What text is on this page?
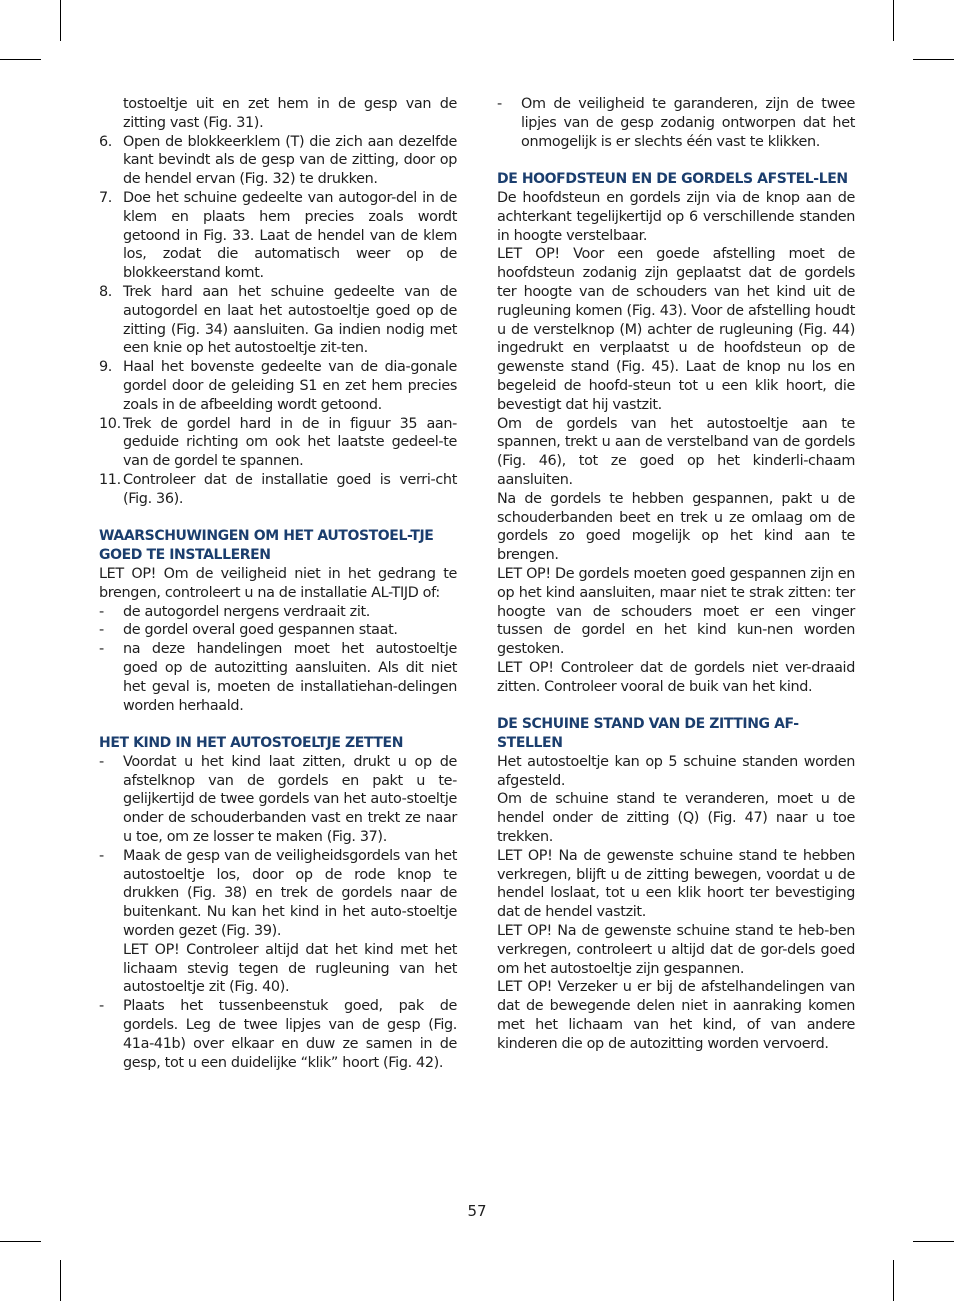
tostoeltje uit en zet hem in de gesp van de zitting vast (Fig. 31).

6. Open de blokkeerklem (T) die zich aan dezelfde kant bevindt als de gesp van de zitting, door op de hendel ervan (Fig. 32) te drukken.
7. Doe het schuine gedeelte van autogor-del in de klem en plaats hem precies zoals wordt getoond in Fig. 33. Laat de hendel van de klem los, zodat die automatisch weer op de blokkeerstand komt.
8. Trek hard aan het schuine gedeelte van de autogordel en laat het autostoeltje goed op de zitting (Fig. 34) aansluiten. Ga indien nodig met een knie op het autostoeltje zit-ten.
9. Haal het bovenste gedeelte van de dia-gonale gordel door de geleiding S1 en zet hem precies zoals in de afbeelding wordt getoond.
10. Trek de gordel hard in de in figuur 35 aan-geduide richting om ook het laatste gedeel-te van de gordel te spannen.
11. Controleer dat de installatie goed is verri-cht (Fig. 36).

WAARSCHUWINGEN OM HET AUTOSTOEL-TJE GOED TE INSTALLEREN

LET OP! Om de veiligheid niet in het gedrang te brengen, controleert u na de installatie AL-TIJD of:

- de autogordel nergens verdraait zit.
- de gordel overal goed gespannen staat.
- na deze handelingen moet het autostoeltje goed op de autozitting aansluiten. Als dit niet het geval is, moeten de installatiehan-delingen worden herhaald.

HET KIND IN HET AUTOSTOELTJE ZETTEN

- Voordat u het kind laat zitten, drukt u op de afstelknop van de gordels en pakt u te-gelijkertijd de twee gordels van het auto-stoeltje onder de schouderbanden vast en trekt ze naar u toe, om ze losser te maken (Fig. 37).
- Maak de gesp van de veiligheidsgordels van het autostoeltje los, door op de rode knop te drukken (Fig. 38) en trek de gordels naar de buitenkant. Nu kan het kind in het auto-stoeltje worden gezet (Fig. 39).

LET OP! Controleer altijd dat het kind met het lichaam stevig tegen de rugleuning van het autostoeltje zit (Fig. 40).

- Plaats het tussenbeenstuk goed, pak de gordels. Leg de twee lipjes van de gesp (Fig. 41a-41b) over elkaar en duw ze samen in de gesp, tot u een duidelijke “klik” hoort (Fig. 42).
- Om de veiligheid te garanderen, zijn de twee lipjes van de gesp zodanig ontworpen dat het onmogelijk is er slechts één vast te klikken.

DE HOOFDSTEUN EN DE GORDELS AFSTEL-LEN

De hoofdsteun en gordels zijn via de knop aan de achterkant tegelijkertijd op 6 verschillende standen in hoogte verstelbaar.

LET OP! Voor een goede afstelling moet de hoofdsteun zodanig zijn geplaatst dat de gordels ter hoogte van de schouders van het kind uit de rugleuning komen (Fig. 43). Voor de afstelling houdt u de verstelknop (M) achter de rugleuning (Fig. 44) ingedrukt en verplaatst u de hoofdsteun op de gewenste stand (Fig. 45). Laat de knop nu los en begeleid de hoofd-steun tot u een klik hoort, die bevestigt dat hij vastzit.

Om de gordels van het autostoeltje aan te spannen, trekt u aan de verstelband van de gordels (Fig. 46), tot ze goed op het kinderli-chaam aansluiten.

Na de gordels te hebben gespannen, pakt u de schouderbanden beet en trek u ze omlaag om de gordels zo goed mogelijk op het kind aan te brengen.

LET OP! De gordels moeten goed gespannen zijn en op het kind aansluiten, maar niet te strak zitten: ter hoogte van de schouders moet er een vinger tussen de gordel en het kind kun-nen worden gestoken.

LET OP! Controleer dat de gordels niet ver-draaid zitten. Controleer vooral de buik van het kind.

DE SCHUINE STAND VAN DE ZITTING AF-STELLEN

Het autostoeltje kan op 5 schuine standen worden afgesteld.

Om de schuine stand te veranderen, moet u de hendel onder de zitting (Q) (Fig. 47) naar u toe trekken.

LET OP! Na de gewenste schuine stand te hebben verkregen, blijft u de zitting bewegen, voordat u de hendel loslaat, tot u een klik hoort ter bevestiging dat de hendel vastzit.

LET OP! Na de gewenste schuine stand te heb-ben verkregen, controleert u altijd dat de gor-dels goed om het autostoeltje zijn gespannen.

LET OP! Verzeker u er bij de afstelhandelingen van dat de bewegende delen niet in aanraking komen met het lichaam van het kind, of van andere kinderen die op de autozitting worden vervoerd.

57
